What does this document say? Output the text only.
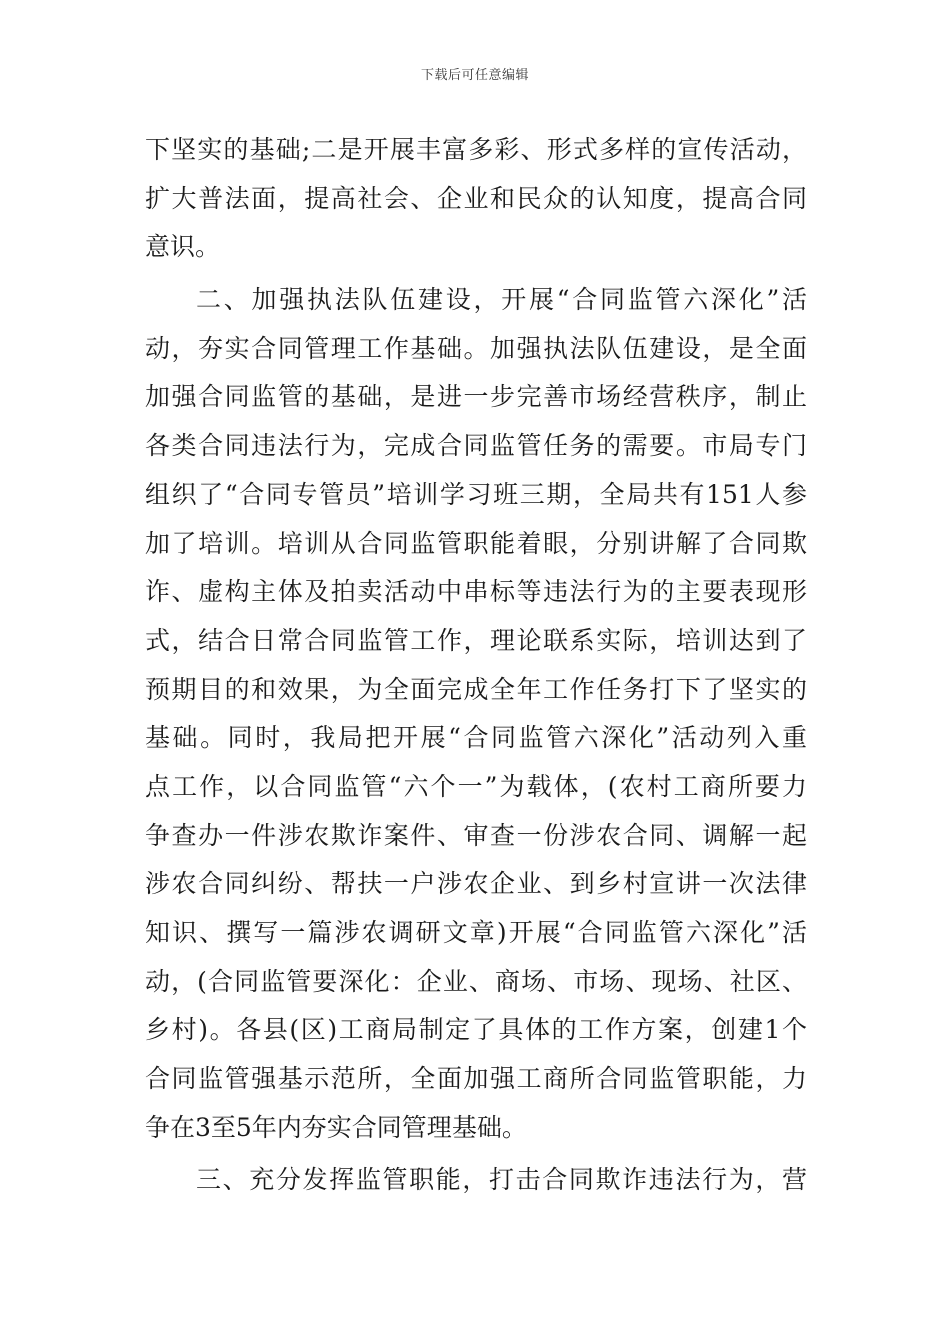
下载后可任意编辑
下坚实的基础;二是开展丰富多彩、形式多样的宣传活动，
扩大普法面，提高社会、企业和民众的认知度，提高合同
意识。
二、加强执法队伍建设，开展“合同监管六深化”活
动，夯实合同管理工作基础。加强执法队伍建设，是全面
加强合同监管的基础，是进一步完善市场经营秩序，制止
各类合同违法行为，完成合同监管任务的需要。市局专门
组织了“合同专管员”培训学习班三期，全局共有151人参
加了培训。培训从合同监管职能着眼，分别讲解了合同欺
诈、虚构主体及拍卖活动中串标等违法行为的主要表现形
式，结合日常合同监管工作，理论联系实际，培训达到了
预期目的和效果，为全面完成全年工作任务打下了坚实的
基础。同时，我局把开展“合同监管六深化”活动列入重
点工作，以合同监管“六个一”为载体，(农村工商所要力
争查办一件涉农欺诈案件、审查一份涉农合同、调解一起
涉农合同纠纷、帮扶一户涉农企业、到乡村宣讲一次法律
知识、撰写一篇涉农调研文章)开展“合同监管六深化”活
动，(合同监管要深化：企业、商场、市场、现场、社区、
乡村)。各县(区)工商局制定了具体的工作方案，创建1个
合同监管强基示范所，全面加强工商所合同监管职能，力
争在3至5年内夯实合同管理基础。
三、充分发挥监管职能，打击合同欺诈违法行为，营
